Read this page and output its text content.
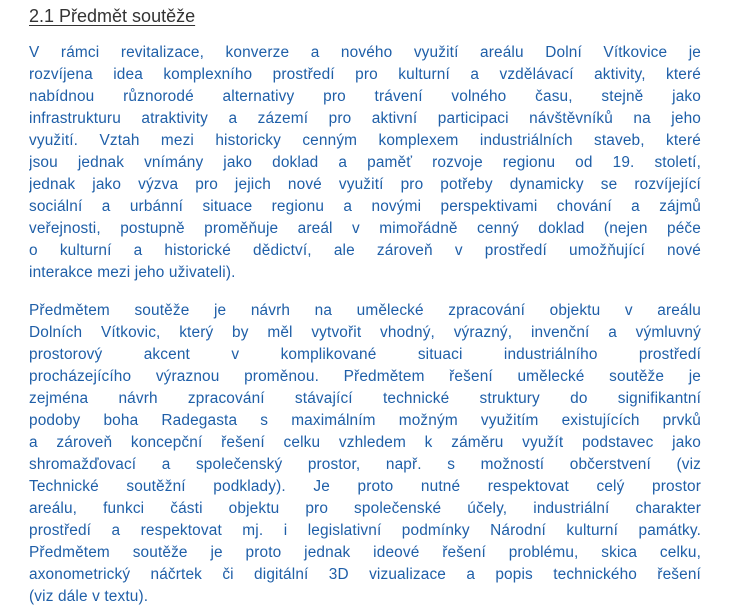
2.1 Předmět soutěže
V rámci revitalizace, konverze a nového využití areálu Dolní Vítkovice je
rozvíjena idea komplexního prostředí pro kulturní a vzdělávací aktivity, které
nabídnou různorodé alternativy pro trávení volného času, stejně jako
infrastrukturu atraktivity a zázemí pro aktivní participaci návštěvníků na jeho
využití. Vztah mezi historicky cenným komplexem industriálních staveb, které
jsou jednak vnímány jako doklad a paměť rozvoje regionu od 19. století,
jednak jako výzva pro jejich nové využití pro potřeby dynamicky se rozvíjející
sociální a urbánní situace regionu a novými perspektivami chování a zájmů
veřejnosti, postupně proměňuje areál v mimořádně cenný doklad (nejen péče
o kulturní a historické dědictví, ale zároveň v prostředí umožňující nové
interakce mezi jeho uživateli).
Předmětem soutěže je návrh na umělecké zpracování objektu v areálu
Dolních Vítkovic, který by měl vytvořit vhodný, výrazný, invenční a výmluvný
prostorový akcent v komplikované situaci industriálního prostředí
procházejícího výraznou proměnou. Předmětem řešení umělecké soutěže je
zejména návrh zpracování stávající technické struktury do signifikantní
podoby boha Radegasta s maximálním možným využitím existujících prvků
a zároveň koncepční řešení celku vzhledem k záměru využít podstavec jako
shromažďovací a společenský prostor, např. s možností občerstvení (viz
Technické soutěžní podklady). Je proto nutné respektovat celý prostor
areálu, funkci části objektu pro společenské účely, industriální charakter
prostředí a respektovat mj. i legislativní podmínky Národní kulturní památky.
Předmětem soutěže je proto jednak ideové řešení problému, skica celku,
axonometrický náčrtek či digitální 3D vizualizace a popis technického řešení
(viz dále v textu).
